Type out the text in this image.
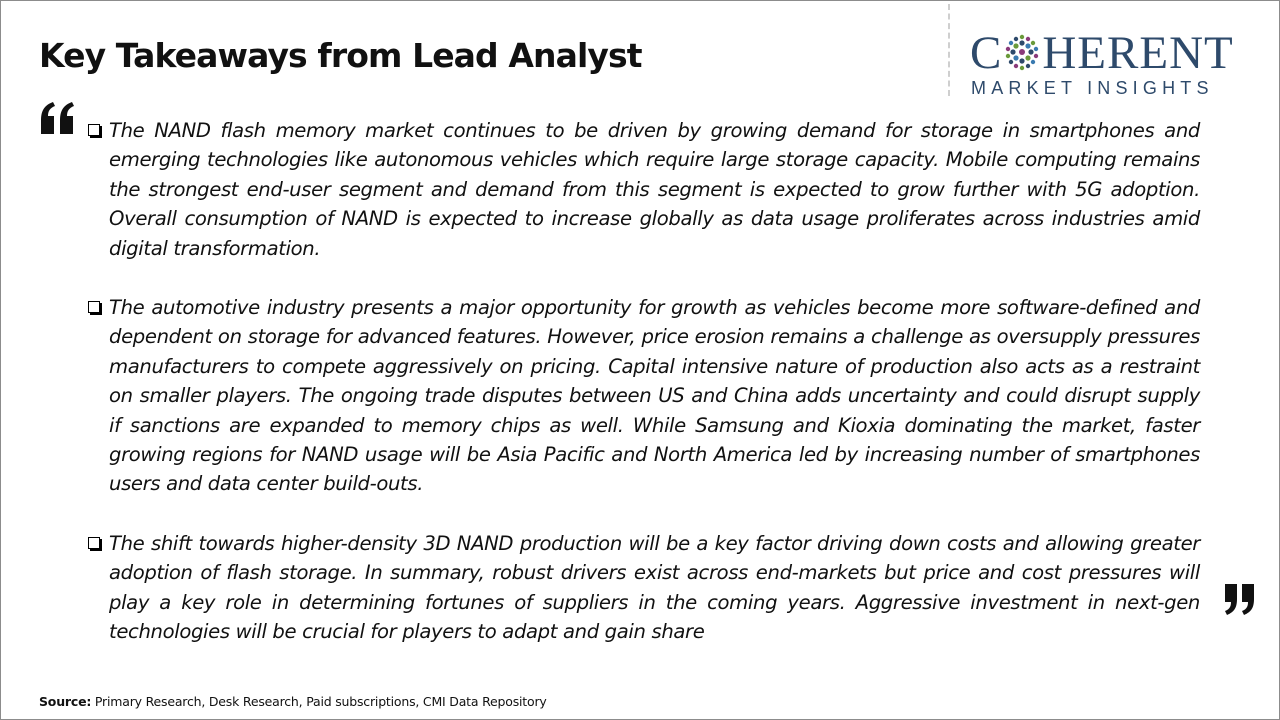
Key Takeaways from Lead Analyst	C HERENT

MARKET INSIGHTS

The NAND flash memory market continues to be driven by growing demand for storage in smartphones and emerging technologies like autonomous vehicles which require large storage capacity. Mobile computing remains the strongest end-user segment and demand from this segment is expected to grow further with 5G adoption. Overall consumption of NAND is expected to increase globally as data usage proliferates across industries amid digital transformation.

The automotive industry presents a major opportunity for growth as vehicles become more software-defined and dependent on storage for advanced features. However, price erosion remains a challenge as oversupply pressures manufacturers to compete aggressively on pricing. Capital intensive nature of production also acts as a restraint on smaller players. The ongoing trade disputes between US and China adds uncertainty and could disrupt supply if sanctions are expanded to memory chips as well. While Samsung and Kioxia dominating the market, faster growing regions for NAND usage will be Asia Pacific and North America led by increasing number of smartphones users and data center build-outs.

The shift towards higher-density 3D NAND production will be a key factor driving down costs and allowing greater adoption of flash storage. In summary, robust drivers exist across end-markets but price and cost pressures will play a key role in determining fortunes of suppliers in the coming years. Aggressive investment in next-gen technologies will be crucial for players to adapt and gain share

Source: Primary Research, Desk Research, Paid subscriptions, CMI Data Repository
